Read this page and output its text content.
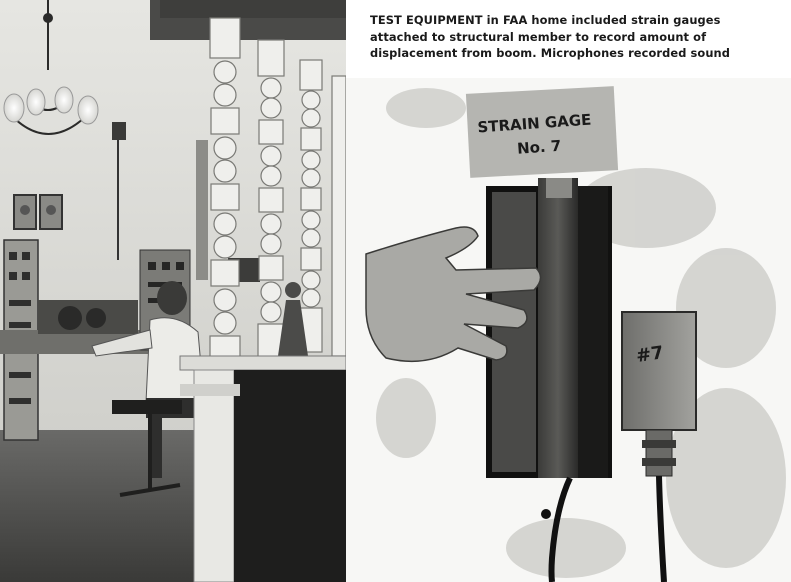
TEST EQUIPMENT in FAA home included strain gauges attached to structural member to record amount of displacement from boom. Microphones recorded sound
STRAIN GAGE
No. 7
#7
